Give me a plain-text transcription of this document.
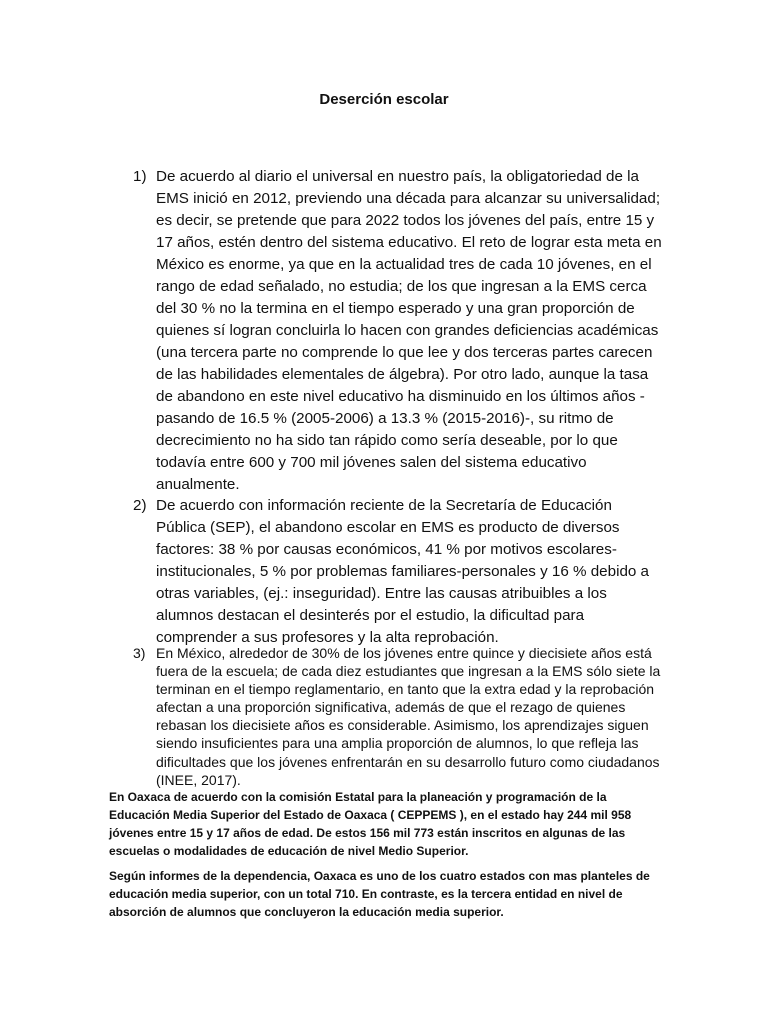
Deserción escolar
1) De acuerdo al diario el universal en nuestro país, la obligatoriedad de la EMS inició en 2012, previendo una década para alcanzar su universalidad; es decir, se pretende que para 2022 todos los jóvenes del país, entre 15 y 17 años, estén dentro del sistema educativo. El reto de lograr esta meta en México es enorme, ya que en la actualidad tres de cada 10 jóvenes, en el rango de edad señalado, no estudia; de los que ingresan a la EMS cerca del 30 % no la termina en el tiempo esperado y una gran proporción de quienes sí logran concluirla lo hacen con grandes deficiencias académicas (una tercera parte no comprende lo que lee y dos terceras partes carecen de las habilidades elementales de álgebra). Por otro lado, aunque la tasa de abandono en este nivel educativo ha disminuido en los últimos años -pasando de 16.5 % (2005-2006) a 13.3 % (2015-2016)-, su ritmo de decrecimiento no ha sido tan rápido como sería deseable, por lo que todavía entre 600 y 700 mil jóvenes salen del sistema educativo anualmente.
2) De acuerdo con información reciente de la Secretaría de Educación Pública (SEP), el abandono escolar en EMS es producto de diversos factores: 38 % por causas económicos, 41 % por motivos escolares-institucionales, 5 % por problemas familiares-personales y 16 % debido a otras variables, (ej.: inseguridad). Entre las causas atribuibles a los alumnos destacan el desinterés por el estudio, la dificultad para comprender a sus profesores y la alta reprobación.
3) En México, alrededor de 30% de los jóvenes entre quince y diecisiete años está fuera de la escuela; de cada diez estudiantes que ingresan a la EMS sólo siete la terminan en el tiempo reglamentario, en tanto que la extra edad y la reprobación afectan a una proporción significativa, además de que el rezago de quienes rebasan los diecisiete años es considerable. Asimismo, los aprendizajes siguen siendo insuficientes para una amplia proporción de alumnos, lo que refleja las dificultades que los jóvenes enfrentarán en su desarrollo futuro como ciudadanos (INEE, 2017).

En Oaxaca de acuerdo con la comisión Estatal para la planeación y programación de la Educación Media Superior del Estado de Oaxaca ( CEPPEMS ), en el estado hay 244 mil 958 jóvenes entre 15 y 17 años de edad. De estos 156 mil 773 están inscritos en algunas de las escuelas o modalidades de educación de nivel Medio Superior.

Según informes de la dependencia, Oaxaca es uno de los cuatro estados con mas planteles de educación media superior, con un total 710. En contraste, es la tercera entidad en nivel de absorción de alumnos que concluyeron la educación media superior.
